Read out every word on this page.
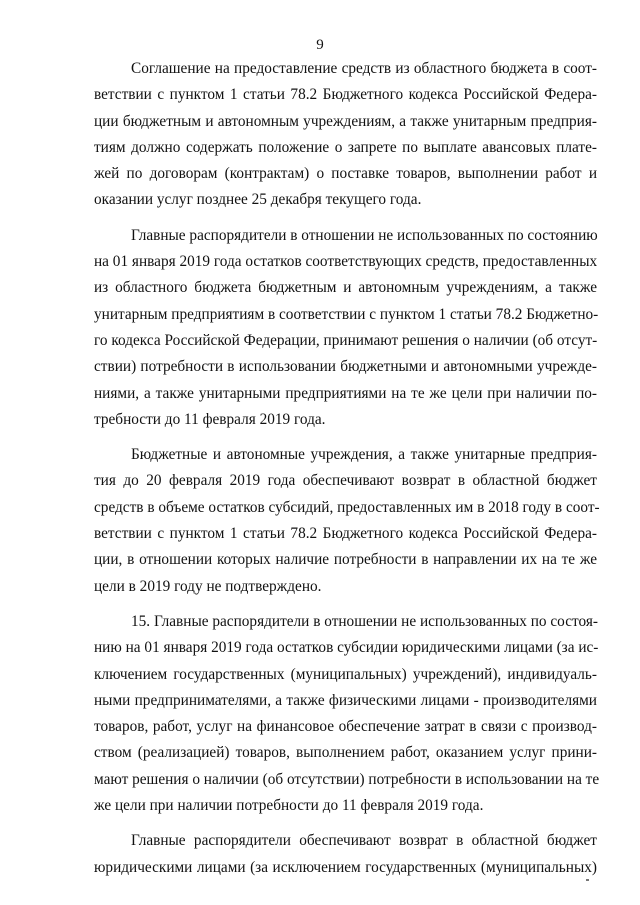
9

Соглашение на предоставление средств из областного бюджета в соот-
ветствии с пунктом 1 статьи 78.2 Бюджетного кодекса Российской Федера-
ции бюджетным и автономным учреждениям, а также унитарным предприя-
тиям должно содержать положение о запрете по выплате авансовых плате-
жей по договорам (контрактам) о поставке товаров, выполнении работ и
оказании услуг позднее 25 декабря текущего года.

Главные распорядители в отношении не использованных по состоянию
на 01 января 2019 года остатков соответствующих средств, предоставленных
из областного бюджета бюджетным и автономным учреждениям, а также
унитарным предприятиям в соответствии с пунктом 1 статьи 78.2 Бюджетно-
го кодекса Российской Федерации, принимают решения о наличии (об отсут-
ствии) потребности в использовании бюджетными и автономными учрежде-
ниями, а также унитарными предприятиями на те же цели при наличии по-
требности до 11 февраля 2019 года.

Бюджетные и автономные учреждения, а также унитарные предприя-
тия до 20 февраля 2019 года обеспечивают возврат в областной бюджет
средств в объеме остатков субсидий, предоставленных им в 2018 году в соот-
ветствии с пунктом 1 статьи 78.2 Бюджетного кодекса Российской Федера-
ции, в отношении которых наличие потребности в направлении их на те же
цели в 2019 году не подтверждено.

15. Главные распорядители в отношении не использованных по состоя-
нию на 01 января 2019 года остатков субсидии юридическими лицами (за ис-
ключением государственных (муниципальных) учреждений), индивидуаль-
ными предпринимателями, а также физическими лицами - производителями
товаров, работ, услуг на финансовое обеспечение затрат в связи с производ-
ством (реализацией) товаров, выполнением работ, оказанием услуг прини-
мают решения о наличии (об отсутствии) потребности в использовании на те
же цели при наличии потребности до 11 февраля 2019 года.

Главные распорядители обеспечивают возврат в областной бюджет
юридическими лицами (за исключением государственных (муниципальных)
